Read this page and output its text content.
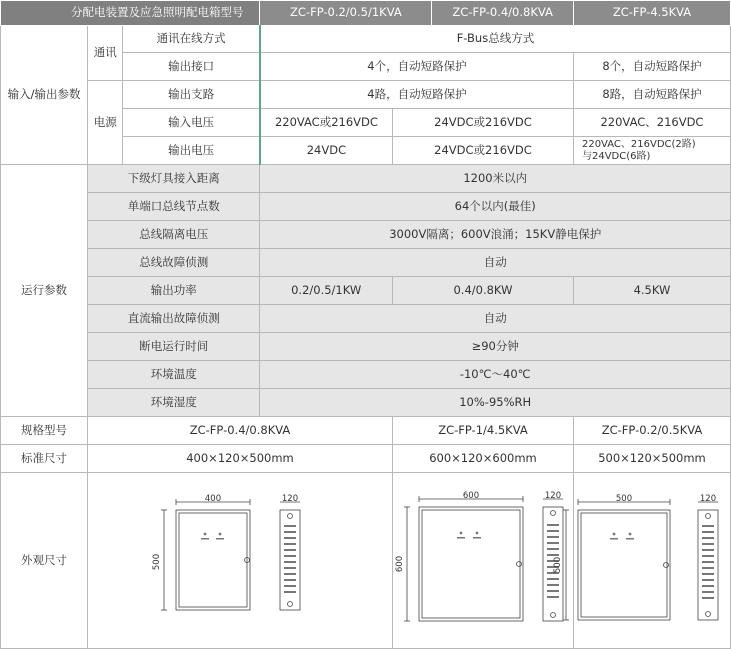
分配电装置及应急照明配电箱型号			ZC-FP-0.2/0.5/1KVA		ZC-FP-0.4/0.8KVA	ZC-FP-4.5KVA
输入/输出参数	通讯	通讯在线方式	F-Bus总线方式			
		输出接口	4个，自动短路保护			8个，自动短路保护
	电源	输出支路	4路，自动短路保护			8路，自动短路保护
		输入电压	220VAC或216VDC	24VDC或216VDC		220VAC、216VDC
		输出电压	24VDC	24VDC或216VDC		220VAC、216VDC(2路)
与24VDC(6路)

运行参数	下级灯具接入距离		1200米以内			
	单端口总线节点数		64个以内(最佳)			
	总线隔离电压		3000V隔离；600V浪涌；15KV静电保护			
	总线故障侦测		自动			
	输出功率		0.2/0.5/1KW	0.4/0.8KW		4.5KW
	直流输出故障侦测		自动			
	断电运行时间		≥90分钟			
	环境温度		-10℃～40℃			
	环境湿度		10%-95%RH			
规格型号	ZC-FP-0.4/0.8KVA			ZC-FP-1/4.5KVA		ZC-FP-0.2/0.5KVA
标准尺寸	400×120×500mm			600×120×600mm		500×120×500mm
外观尺寸	400 120
500			600 120
600		500 120
500
